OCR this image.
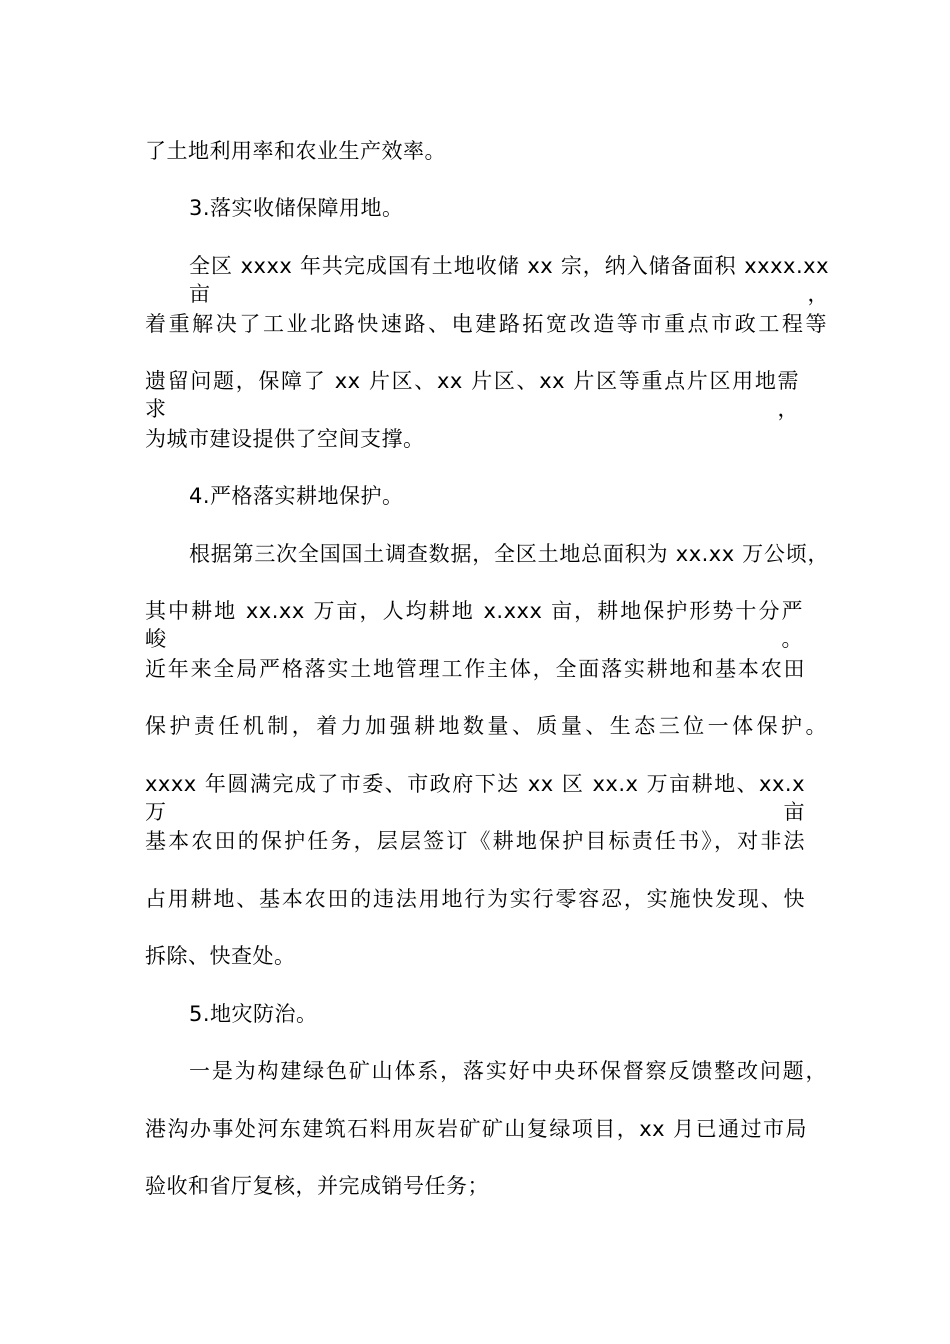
了土地利用率和农业生产效率。
3.落实收储保障用地。
全区 xxxx 年共完成国有土地收储 xx 宗，纳入储备面积 xxxx.xx 亩，
着重解决了工业北路快速路、电建路拓宽改造等市重点市政工程等
遗留问题，保障了 xx 片区、xx 片区、xx 片区等重点片区用地需求，
为城市建设提供了空间支撑。
4.严格落实耕地保护。
根据第三次全国国土调查数据，全区土地总面积为 xx.xx 万公顷，
其中耕地 xx.xx 万亩，人均耕地 x.xxx 亩，耕地保护形势十分严峻。
近年来全局严格落实土地管理工作主体，全面落实耕地和基本农田
保护责任机制，着力加强耕地数量、质量、生态三位一体保护。
xxxx 年圆满完成了市委、市政府下达 xx 区 xx.x 万亩耕地、xx.x 万亩
基本农田的保护任务，层层签订《耕地保护目标责任书》，对非法
占用耕地、基本农田的违法用地行为实行零容忍，实施快发现、快
拆除、快查处。
5.地灾防治。
一是为构建绿色矿山体系，落实好中央环保督察反馈整改问题，
港沟办事处河东建筑石料用灰岩矿矿山复绿项目，xx 月已通过市局
验收和省厅复核，并完成销号任务；
